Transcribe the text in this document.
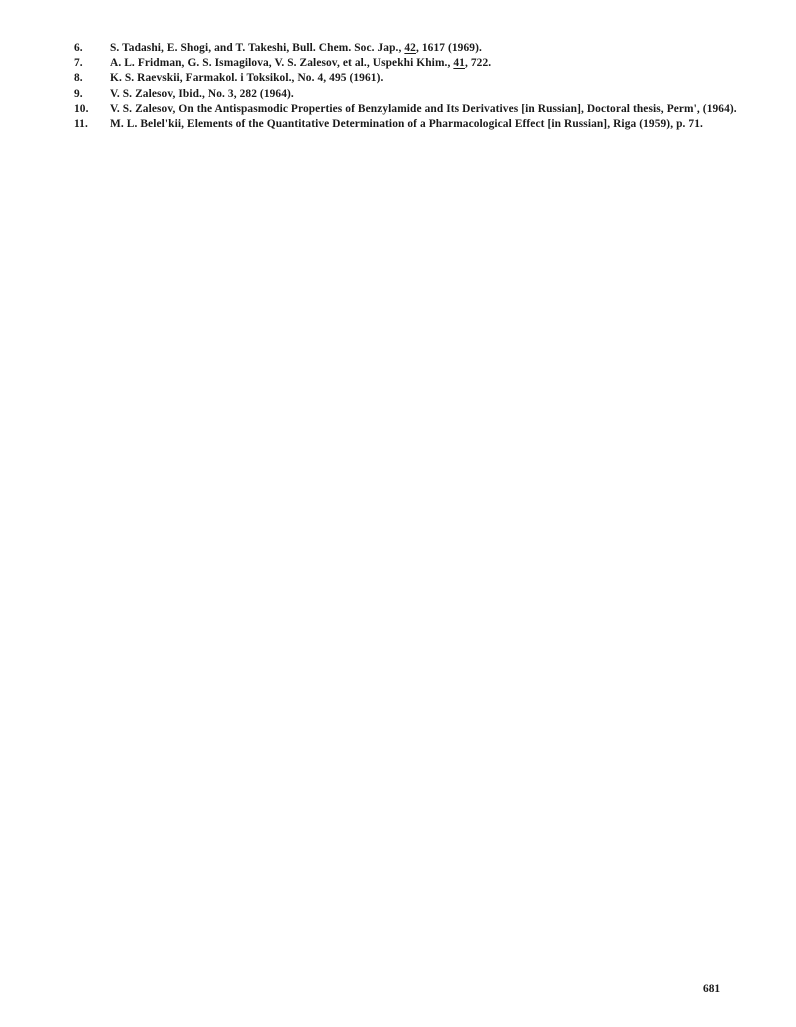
6.	S. Tadashi, E. Shogi, and T. Takeshi, Bull. Chem. Soc. Jap., 42, 1617 (1969).
7.	A. L. Fridman, G. S. Ismagilova, V. S. Zalesov, et al., Uspekhi Khim., 41, 722.
8.	K. S. Raevskii, Farmakol. i Toksikol., No. 4, 495 (1961).
9.	V. S. Zalesov, Ibid., No. 3, 282 (1964).
10.	V. S. Zalesov, On the Antispasmodic Properties of Benzylamide and Its Derivatives [in Russian], Doctoral thesis, Perm', (1964).
11.	M. L. Belel'kii, Elements of the Quantitative Determination of a Pharmacological Effect [in Russian], Riga (1959), p. 71.
681
